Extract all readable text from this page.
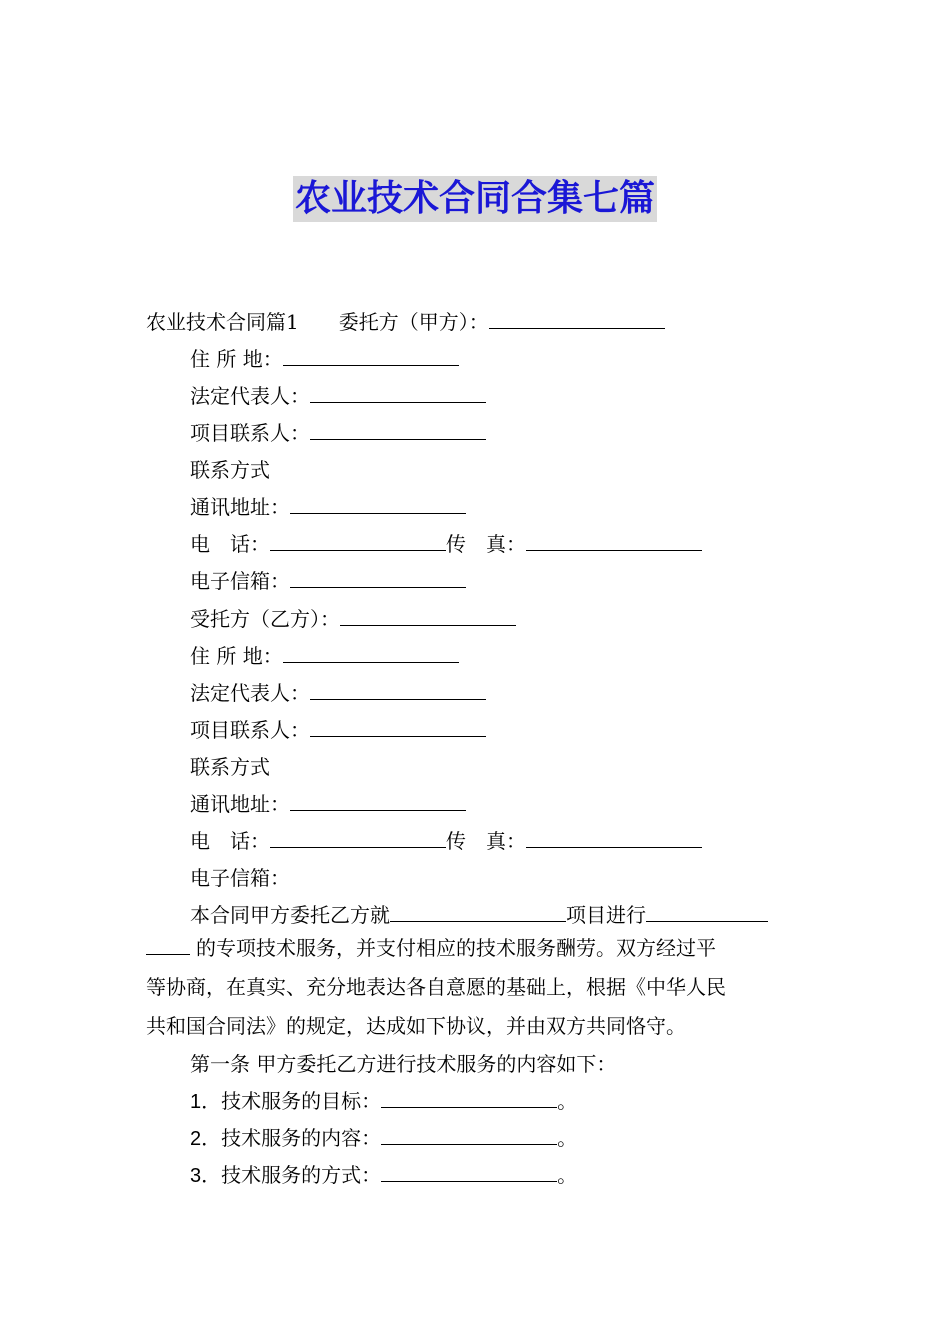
农业技术合同合集七篇
农业技术合同篇1 委托方（甲方）：
住 所 地：
法定代表人：
项目联系人：
联系方式
通讯地址：
电　话：	传　真：
电子信箱：
受托方（乙方）：
住 所 地：
法定代表人：
项目联系人：
联系方式
通讯地址：
电　话：	传　真：
电子信箱：
本合同甲方委托乙方就	项目进行
的专项技术服务，并支付相应的技术服务酬劳。双方经过平
等协商，在真实、充分地表达各自意愿的基础上，根据《中华人民
共和国合同法》的规定，达成如下协议，并由双方共同恪守。
第一条 甲方委托乙方进行技术服务的内容如下：
1．技术服务的目标：	。
2．技术服务的内容：	。
3．技术服务的方式：	。
